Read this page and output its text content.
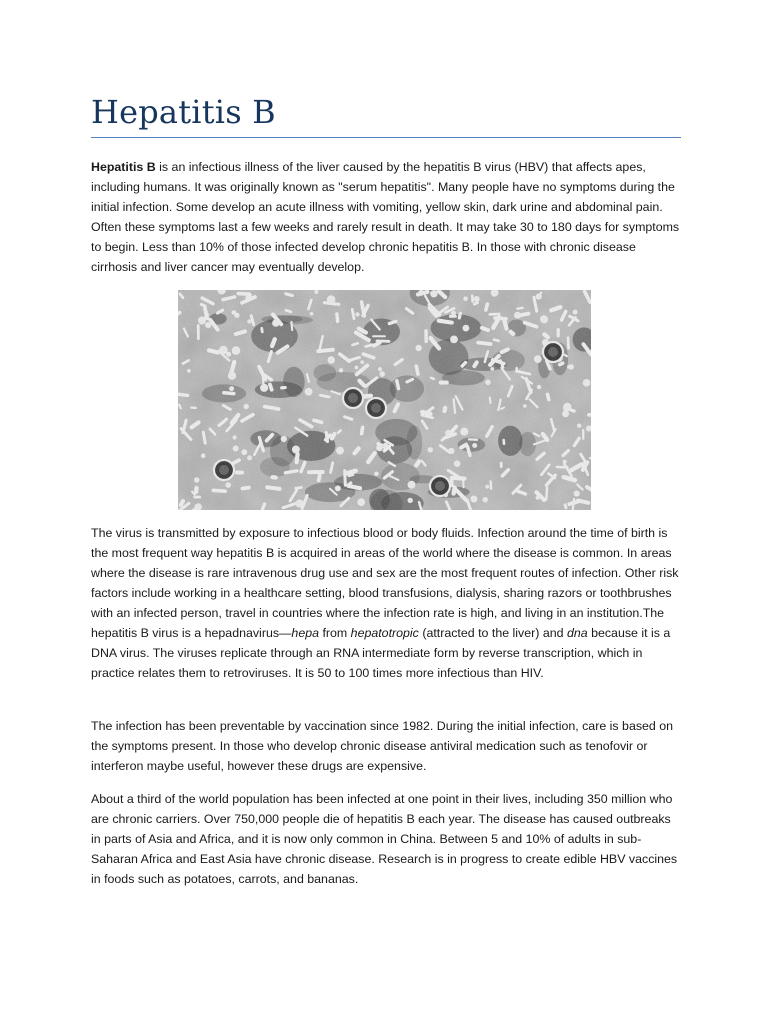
Hepatitis B

Hepatitis B is an infectious illness of the liver caused by the hepatitis B virus (HBV) that affects apes, including humans. It was originally known as "serum hepatitis". Many people have no symptoms during the initial infection. Some develop an acute illness with vomiting, yellow skin, dark urine and abdominal pain. Often these symptoms last a few weeks and rarely result in death. It may take 30 to 180 days for symptoms to begin. Less than 10% of those infected develop chronic hepatitis B. In those with chronic disease cirrhosis and liver cancer may eventually develop.

The virus is transmitted by exposure to infectious blood or body fluids. Infection around the time of birth is the most frequent way hepatitis B is acquired in areas of the world where the disease is common. In areas where the disease is rare intravenous drug use and sex are the most frequent routes of infection. Other risk factors include working in a healthcare setting, blood transfusions, dialysis, sharing razors or toothbrushes with an infected person, travel in countries where the infection rate is high, and living in an institution.The hepatitis B virus is a hepadnavirus—hepa from hepatotropic (attracted to the liver) and dna because it is a DNA virus. The viruses replicate through an RNA intermediate form by reverse transcription, which in practice relates them to retroviruses. It is 50 to 100 times more infectious than HIV.

The infection has been preventable by vaccination since 1982. During the initial infection, care is based on the symptoms present. In those who develop chronic disease antiviral medication such as tenofovir or interferon maybe useful, however these drugs are expensive.

About a third of the world population has been infected at one point in their lives, including 350 million who are chronic carriers. Over 750,000 people die of hepatitis B each year. The disease has caused outbreaks in parts of Asia and Africa, and it is now only common in China. Between 5 and 10% of adults in sub-Saharan Africa and East Asia have chronic disease. Research is in progress to create edible HBV vaccines in foods such as potatoes, carrots, and bananas.
